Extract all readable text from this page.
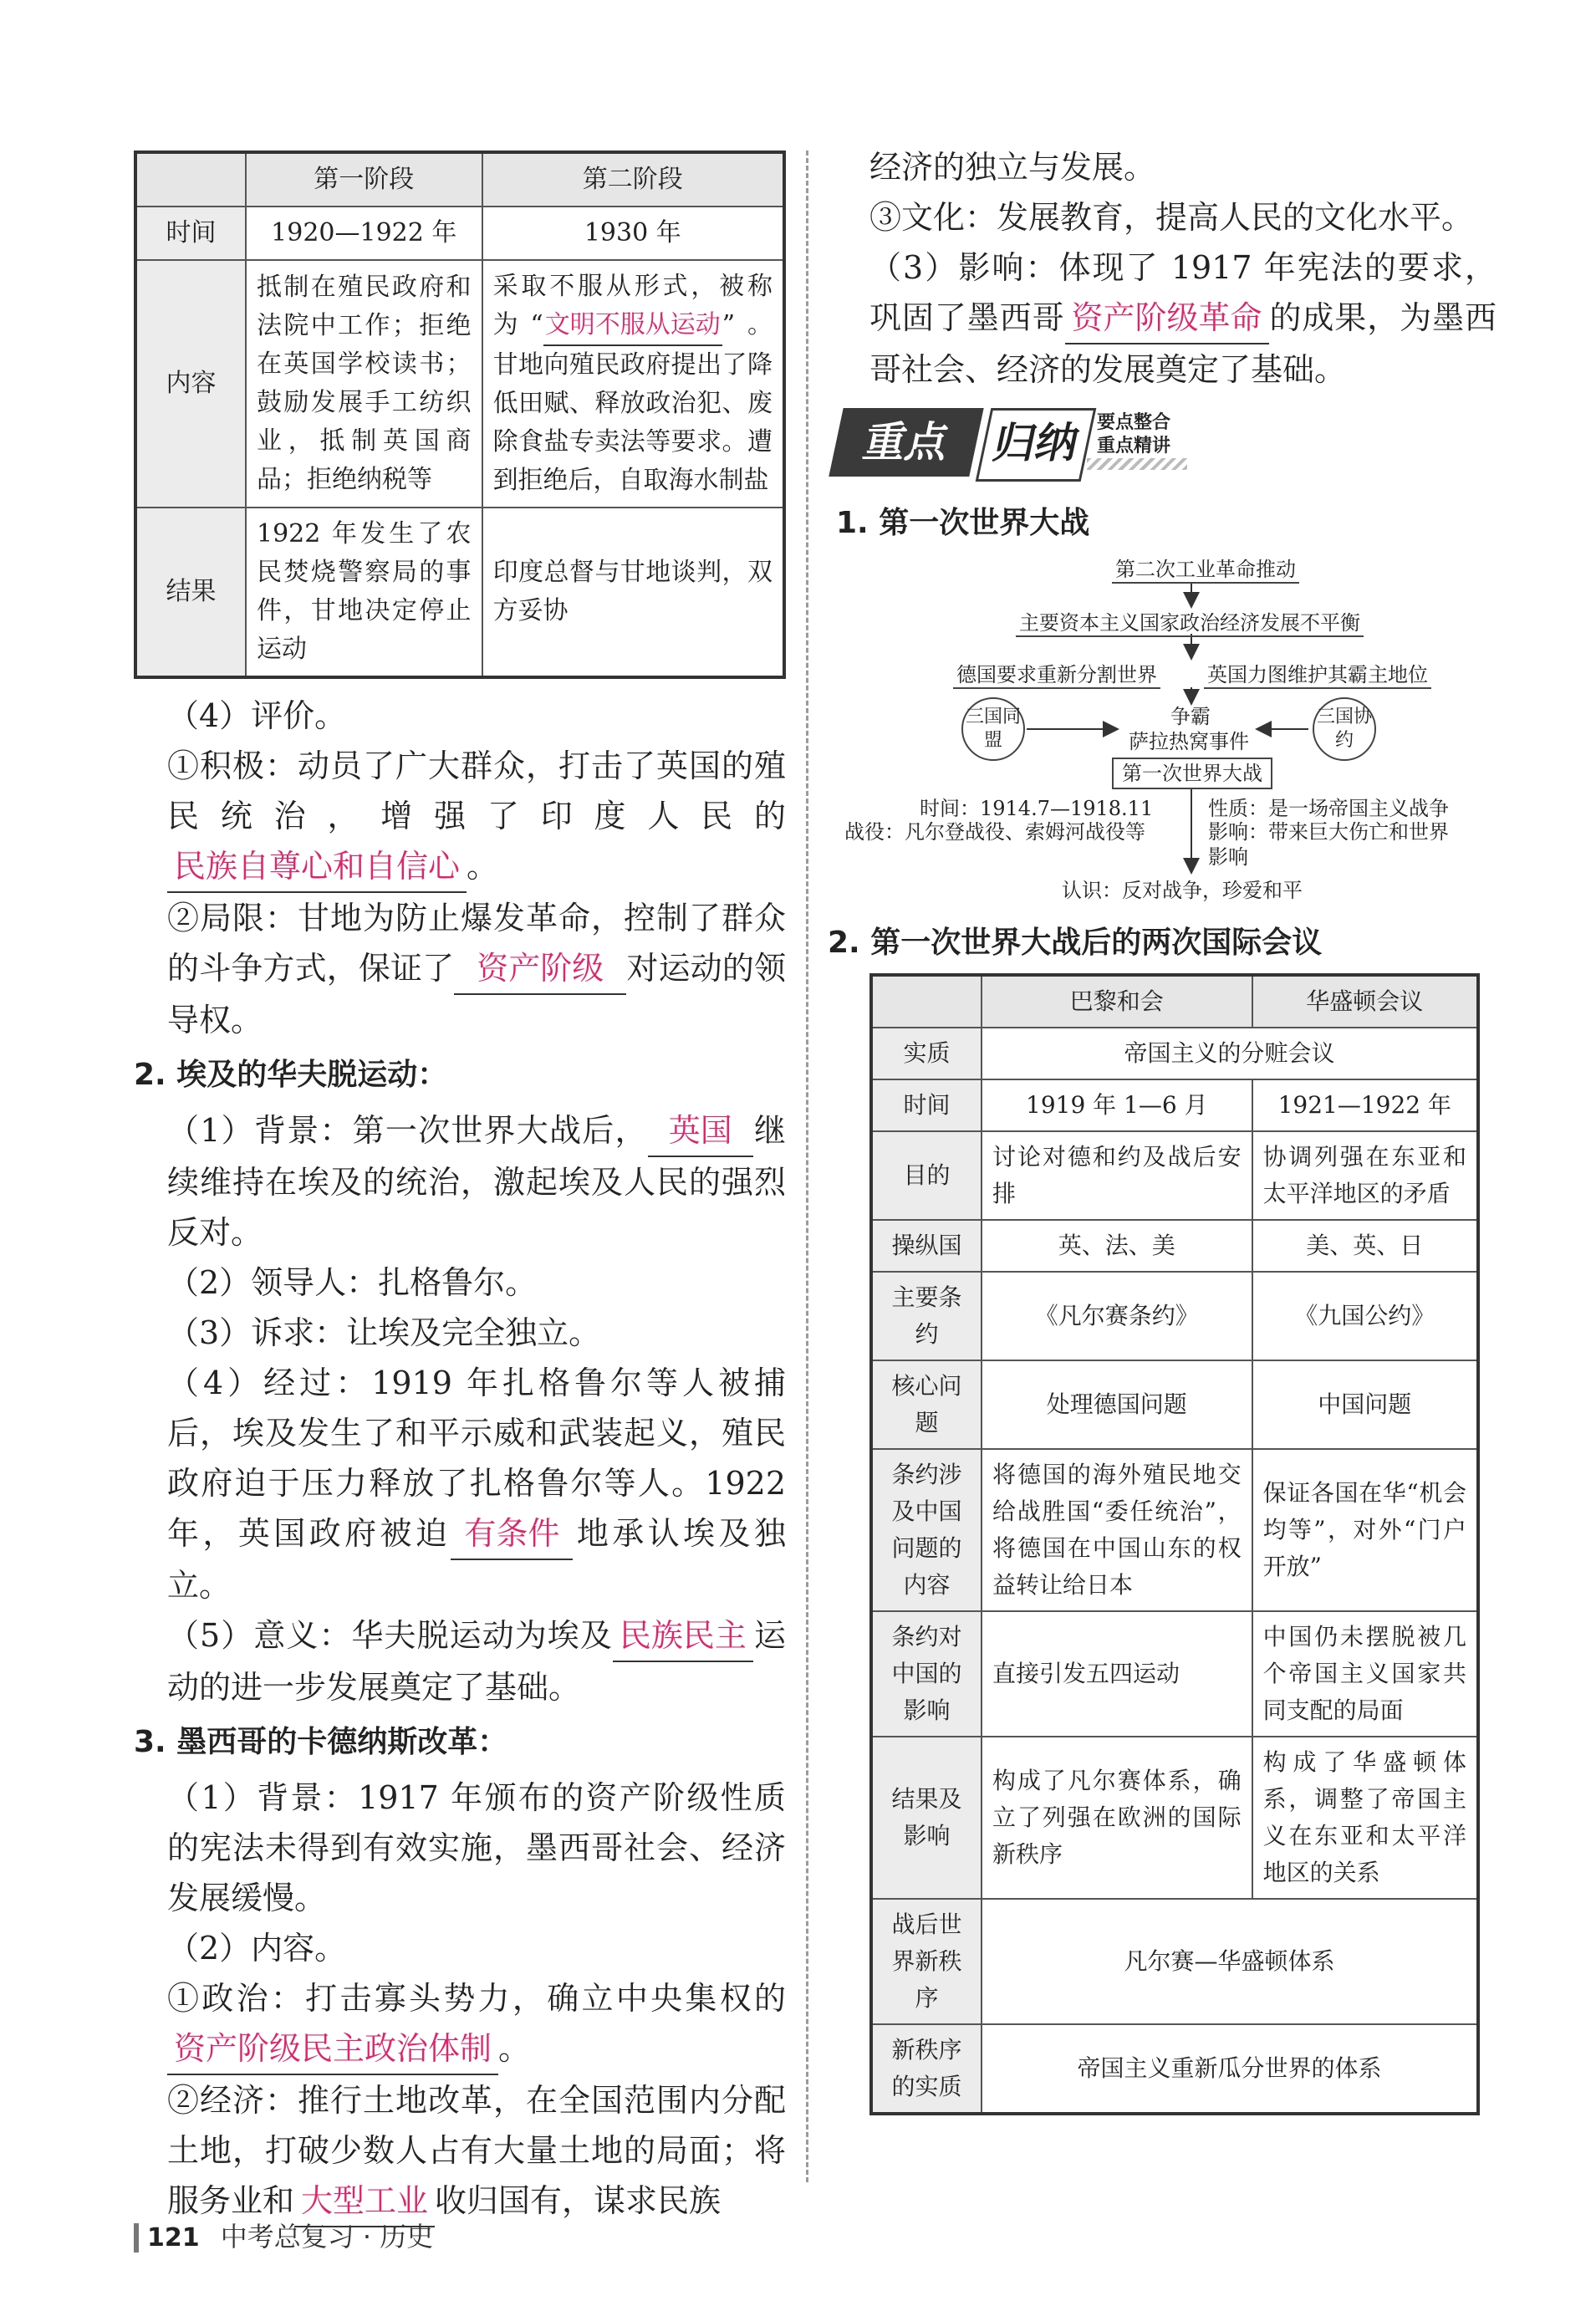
	第一阶段	第二阶段
时间	1920—1922 年	1930 年
内容	抵制在殖民政府和法院中工作；拒绝在英国学校读书；鼓励发展手工纺织业，抵制英国商品；拒绝纳税等	采取不服从形式，被称为“文明不服从运动”。甘地向殖民政府提出了降低田赋、释放政治犯、废除食盐专卖法等要求。遭到拒绝后，自取海水制盐
结果	1922 年发生了农民焚烧警察局的事件，甘地决定停止运动	印度总督与甘地谈判，双方妥协

（4）评价。

①积极：动员了广大群众，打击了英国的殖民统治，增强了印度人民的民族自尊心和自信心 。

②局限：甘地为防止爆发革命，控制了群众的斗争方式，保证了 资产阶级 对运动的领导权。

2. 埃及的华夫脱运动：

（1）背景：第一次世界大战后， 英国 继续维持在埃及的统治，激起埃及人民的强烈反对。

（2）领导人：扎格鲁尔。

（3）诉求：让埃及完全独立。

（4）经过：1919 年扎格鲁尔等人被捕后，埃及发生了和平示威和武装起义，殖民政府迫于压力释放了扎格鲁尔等人。1922 年，英国政府被迫 有条件 地承认埃及独立。

（5）意义：华夫脱运动为埃及 民族民主 运动的进一步发展奠定了基础。

3. 墨西哥的卡德纳斯改革：

（1）背景：1917 年颁布的资产阶级性质的宪法未得到有效实施，墨西哥社会、经济发展缓慢。

（2）内容。

①政治：打击寡头势力，确立中央集权的资产阶级民主政治体制 。

②经济：推行土地改革，在全国范围内分配土地，打破少数人占有大量土地的局面；将服务业和 大型工业 收归国有，谋求民族

经济的独立与发展。

③文化：发展教育，提高人民的文化水平。

（3）影响：体现了 1917 年宪法的要求，巩固了墨西哥 资产阶级革命 的成果，为墨西哥社会、经济的发展奠定了基础。

重点 归纳 要点整合
重点精讲

1. 第一次世界大战

第二次工业革命推动
主要资本主义国家政治经济发展不平衡
德国要求重新分割世界	英国力图维护其霸主地位
三国同盟
三国协约
争霸
萨拉热窝事件
第一次世界大战
时间：1914.7—1918.11
战役：凡尔登战役、索姆河战役等
性质：是一场帝国主义战争
影响：带来巨大伤亡和世界影响
认识：反对战争，珍爱和平

2. 第一次世界大战后的两次国际会议

	巴黎和会	华盛顿会议
实质	帝国主义的分赃会议	
时间	1919 年 1—6 月	1921—1922 年
目的	讨论对德和约及战后安排	协调列强在东亚和太平洋地区的矛盾
操纵国	英、法、美	美、英、日
主要条约	《凡尔赛条约》	《九国公约》
核心问题	处理德国问题	中国问题
条约涉及中国问题的内容	将德国的海外殖民地交给战胜国“委任统治”，将德国在中国山东的权益转让给日本	保证各国在华“机会均等”，对外“门户开放”
条约对中国的影响	直接引发五四运动	中国仍未摆脱被几个帝国主义国家共同支配的局面
结果及影响	构成了凡尔赛体系，确立了列强在欧洲的国际新秩序	构成了华盛顿体系，调整了帝国主义在东亚和太平洋地区的关系
战后世界新秩序	凡尔赛—华盛顿体系	
新秩序的实质	帝国主义重新瓜分世界的体系	
121 中考总复习 · 历史
